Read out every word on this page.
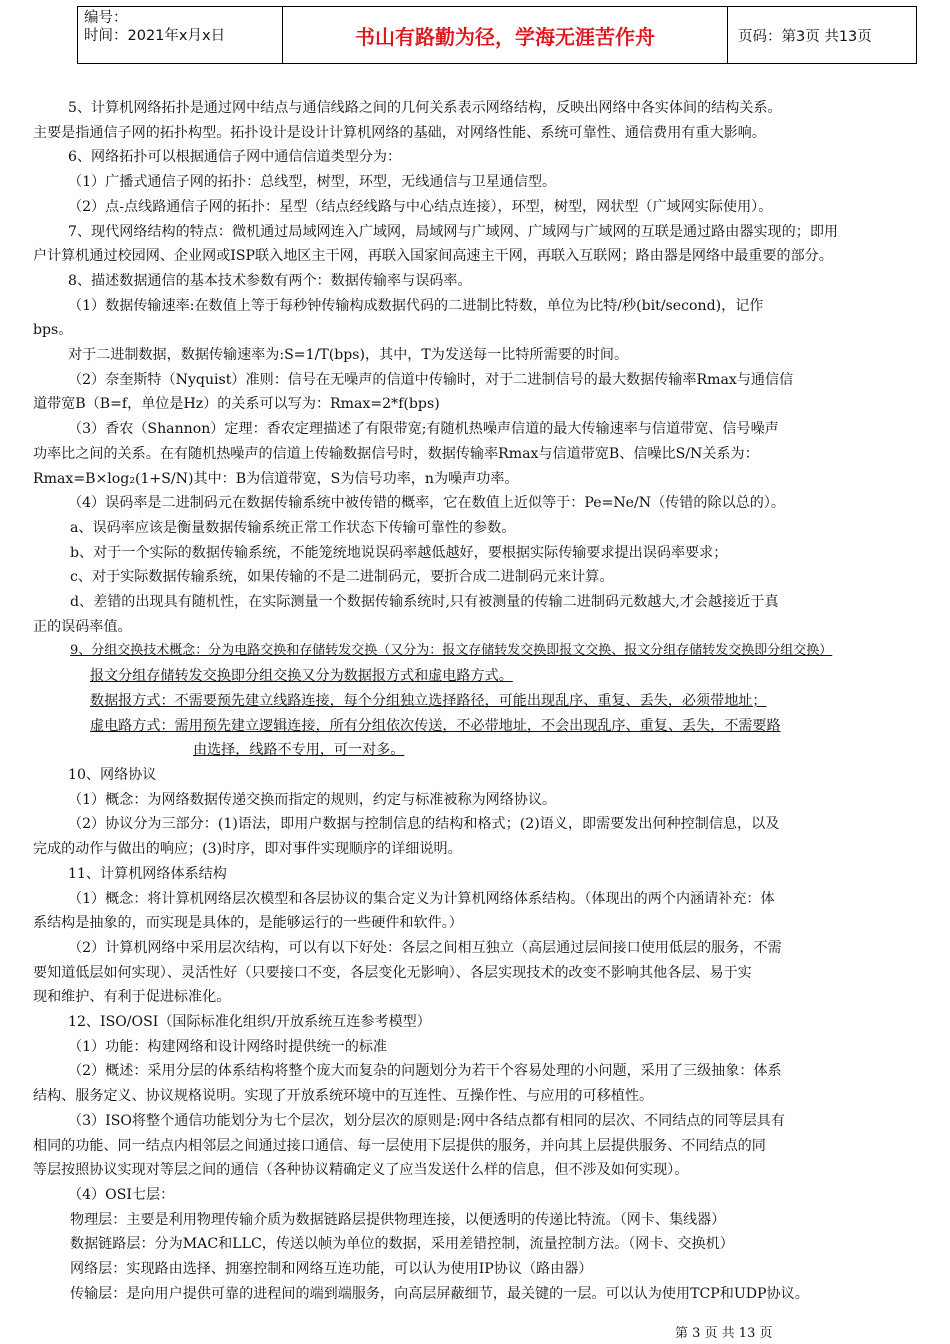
编号：
时间：2021年x月x日	书山有路勤为径，学海无涯苦作舟	页码：第3页 共13页
5、计算机网络拓扑是通过网中结点与通信线路之间的几何关系表示网络结构，反映出网络中各实体间的结构关系。
主要是指通信子网的拓扑构型。拓扑设计是设计计算机网络的基础，对网络性能、系统可靠性、通信费用有重大影响。
6、网络拓扑可以根据通信子网中通信信道类型分为：
（1）广播式通信子网的拓扑：总线型，树型，环型，无线通信与卫星通信型。
（2）点-点线路通信子网的拓扑：星型（结点经线路与中心结点连接），环型，树型，网状型（广域网实际使用）。
7、现代网络结构的特点：微机通过局域网连入广域网，局域网与广域网、广域网与广域网的互联是通过路由器实现的；即用
户计算机通过校园网、企业网或ISP联入地区主干网，再联入国家间高速主干网，再联入互联网；路由器是网络中最重要的部分。
8、描述数据通信的基本技术参数有两个：数据传输率与误码率。
（1）数据传输速率:在数值上等于每秒钟传输构成数据代码的二进制比特数，单位为比特/秒(bit/second)，记作
bps。
对于二进制数据，数据传输速率为:S=1/T(bps)，其中，T为发送每一比特所需要的时间。
（2）奈奎斯特（Nyquist）准则：信号在无噪声的信道中传输时，对于二进制信号的最大数据传输率Rmax与通信信
道带宽B（B=f，单位是Hz）的关系可以写为：Rmax=2*f(bps)
（3）香农（Shannon）定理：香农定理描述了有限带宽;有随机热噪声信道的最大传输速率与信道带宽、信号噪声
功率比之间的关系。在有随机热噪声的信道上传输数据信号时，数据传输率Rmax与信道带宽B、信噪比S/N关系为：
Rmax=B×log₂(1+S/N)其中：B为信道带宽，S为信号功率，n为噪声功率。
（4）误码率是二进制码元在数据传输系统中被传错的概率，它在数值上近似等于：Pe=Ne/N（传错的除以总的）。
a、误码率应该是衡量数据传输系统正常工作状态下传输可靠性的参数。
b、对于一个实际的数据传输系统，不能笼统地说误码率越低越好，要根据实际传输要求提出误码率要求；
c、对于实际数据传输系统，如果传输的不是二进制码元，要折合成二进制码元来计算。
d、差错的出现具有随机性，在实际测量一个数据传输系统时,只有被测量的传输二进制码元数越大,才会越接近于真
正的误码率值。
9、分组交换技术概念：分为电路交换和存储转发交换（又分为：报文存储转发交换即报文交换、报文分组存储转发交换即分组交换）
报文分组存储转发交换即分组交换又分为数据报方式和虚电路方式。
数据报方式：不需要预先建立线路连接，每个分组独立选择路径，可能出现乱序、重复、丢失，必须带地址；
虚电路方式：需用预先建立逻辑连接，所有分组依次传送，不必带地址，不会出现乱序、重复、丢失，不需要路
由选择，线路不专用，可一对多。
10、网络协议
（1）概念：为网络数据传递交换而指定的规则，约定与标准被称为网络协议。
（2）协议分为三部分：(1)语法，即用户数据与控制信息的结构和格式；(2)语义，即需要发出何种控制信息，以及
完成的动作与做出的响应；(3)时序，即对事件实现顺序的详细说明。
11、计算机网络体系结构
（1）概念：将计算机网络层次模型和各层协议的集合定义为计算机网络体系结构。（体现出的两个内涵请补充：体
系结构是抽象的，而实现是具体的，是能够运行的一些硬件和软件。）
（2）计算机网络中采用层次结构，可以有以下好处：各层之间相互独立（高层通过层间接口使用低层的服务，不需
要知道低层如何实现）、灵活性好（只要接口不变，各层变化无影响）、各层实现技术的改变不影响其他各层、易于实
现和维护、有利于促进标准化。
12、ISO/OSI（国际标准化组织/开放系统互连参考模型）
（1）功能：构建网络和设计网络时提供统一的标准
（2）概述：采用分层的体系结构将整个庞大而复杂的问题划分为若干个容易处理的小问题，采用了三级抽象：体系
结构、服务定义、协议规格说明。实现了开放系统环境中的互连性、互操作性、与应用的可移植性。
（3）ISO将整个通信功能划分为七个层次，划分层次的原则是:网中各结点都有相同的层次、不同结点的同等层具有
相同的功能、同一结点内相邻层之间通过接口通信、每一层使用下层提供的服务，并向其上层提供服务、不同结点的同
等层按照协议实现对等层之间的通信（各种协议精确定义了应当发送什么样的信息，但不涉及如何实现）。
（4）OSI七层：
物理层：主要是利用物理传输介质为数据链路层提供物理连接，以便透明的传递比特流。（网卡、集线器）
数据链路层：分为MAC和LLC，传送以帧为单位的数据，采用差错控制，流量控制方法。（网卡、交换机）
网络层：实现路由选择、拥塞控制和网络互连功能，可以认为使用IP协议（路由器）
传输层：是向用户提供可靠的进程间的端到端服务，向高层屏蔽细节，最关键的一层。可以认为使用TCP和UDP协议。
第 3 页 共 13 页
